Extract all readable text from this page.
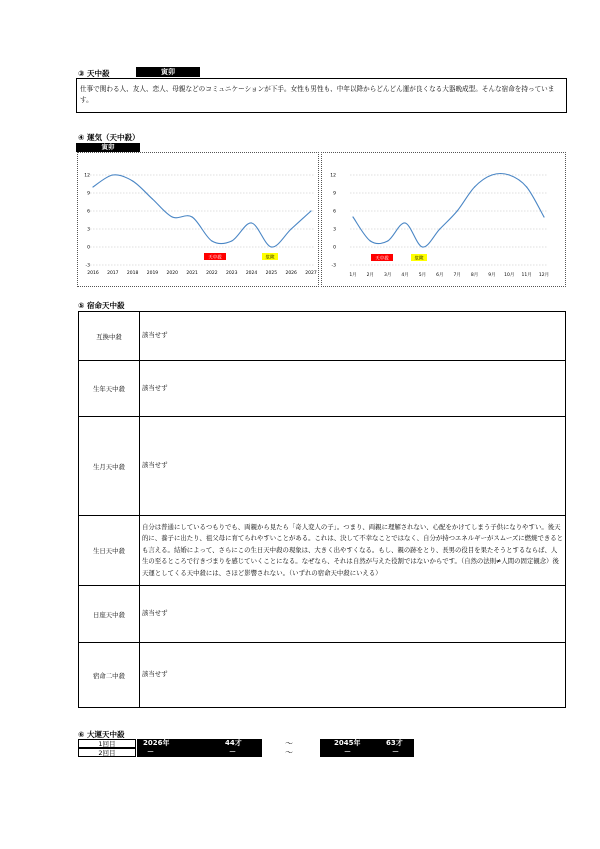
③ 天中殺	寅卯
仕事で関わる人、友人、恋人、母親などのコミュニケーションが下手。女性も男性も、中年以降からどんどん運が良くなる大器晩成型。そんな宿命を持っています。
④ 運気（天中殺）
寅卯
-3
0
3
6
9
12
2016 2017 2018 2019 2020 2021 2022 2023 2024 2025 2026 2027
天中殺	危険
-3
0
3
6
9
12
1月 2月 3月 4月 5月 6月 7月 8月 9月 10月 11月 12月
天中殺	危険
⑤ 宿命天中殺
互換中殺	該当せず
生年天中殺	該当せず
生月天中殺	該当せず
生日天中殺	自分は普通にしているつもりでも、両親から見たら「奇人変人の子」。つまり、両親に理解されない、心配をかけてしまう子供になりやすい。後天的に、養子に出たり、祖父母に育てられやすいことがある。これは、決して不幸なことではなく、自分が持つエネルギーがスムーズに燃焼できるとも言える。結婚によって、さらにこの生日天中殺の現象は、大きく出やすくなる。もし、親の跡をとり、長男の役目を果たそうとするならば、人生の至るところで行きづまりを感じていくことになる。なぜなら、それは自然が与えた役割ではないからです。（自然の法則≠人間の固定観念）後天運としてくる天中殺には、さほど影響されない。（いずれの宿命天中殺にいえる）
日座天中殺	該当せず
宿命二中殺	該当せず
⑥ 大運天中殺
1回目	2026年	44才	～	2045年	63才
2回目	－	－	～	－	－
